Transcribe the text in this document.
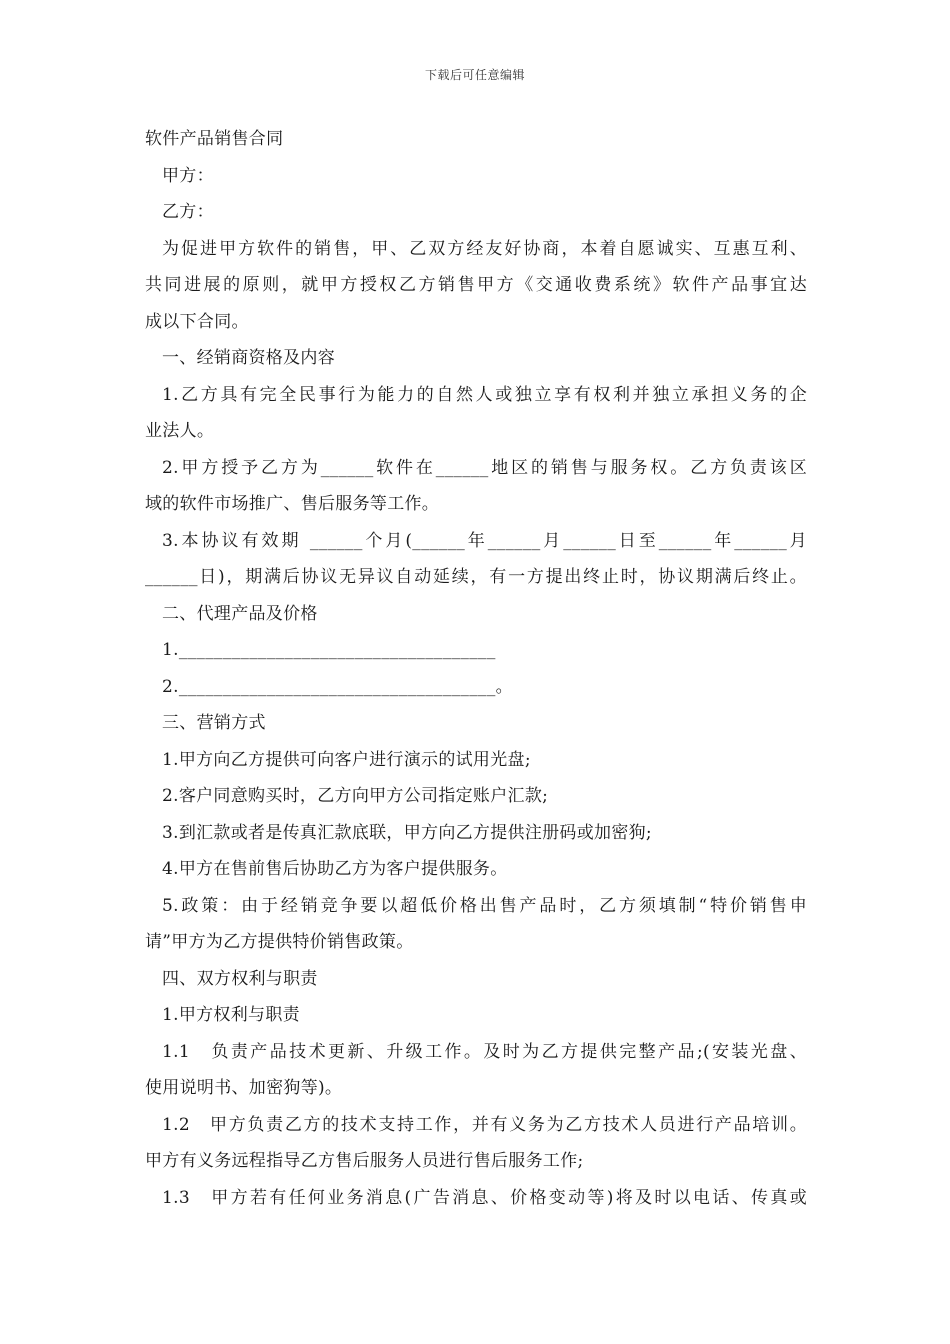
下载后可任意编辑
软件产品销售合同
甲方：
乙方：
为促进甲方软件的销售，甲、乙双方经友好协商，本着自愿诚实、互惠互利、
共同进展的原则，就甲方授权乙方销售甲方《交通收费系统》软件产品事宜达
成以下合同。
一、经销商资格及内容
1.乙方具有完全民事行为能力的自然人或独立享有权利并独立承担义务的企
业法人。
2.甲方授予乙方为______软件在______地区的销售与服务权。乙方负责该区
域的软件市场推广、售后服务等工作。
3.本协议有效期 ______个月(______年______月______日至______年______月
______日)，期满后协议无异议自动延续，有一方提出终止时，协议期满后终止。
二、代理产品及价格
1.____________________________________
2.____________________________________。
三、营销方式
1.甲方向乙方提供可向客户进行演示的试用光盘;
2.客户同意购买时，乙方向甲方公司指定账户汇款;
3.到汇款或者是传真汇款底联，甲方向乙方提供注册码或加密狗;
4.甲方在售前售后协助乙方为客户提供服务。
5.政策：由于经销竞争要以超低价格出售产品时，乙方须填制“特价销售申
请”甲方为乙方提供特价销售政策。
四、双方权利与职责
1.甲方权利与职责
1.1　负责产品技术更新、升级工作。及时为乙方提供完整产品;(安装光盘、
使用说明书、加密狗等)。
1.2　甲方负责乙方的技术支持工作，并有义务为乙方技术人员进行产品培训。
甲方有义务远程指导乙方售后服务人员进行售后服务工作;
1.3　甲方若有任何业务消息(广告消息、价格变动等)将及时以电话、传真或
